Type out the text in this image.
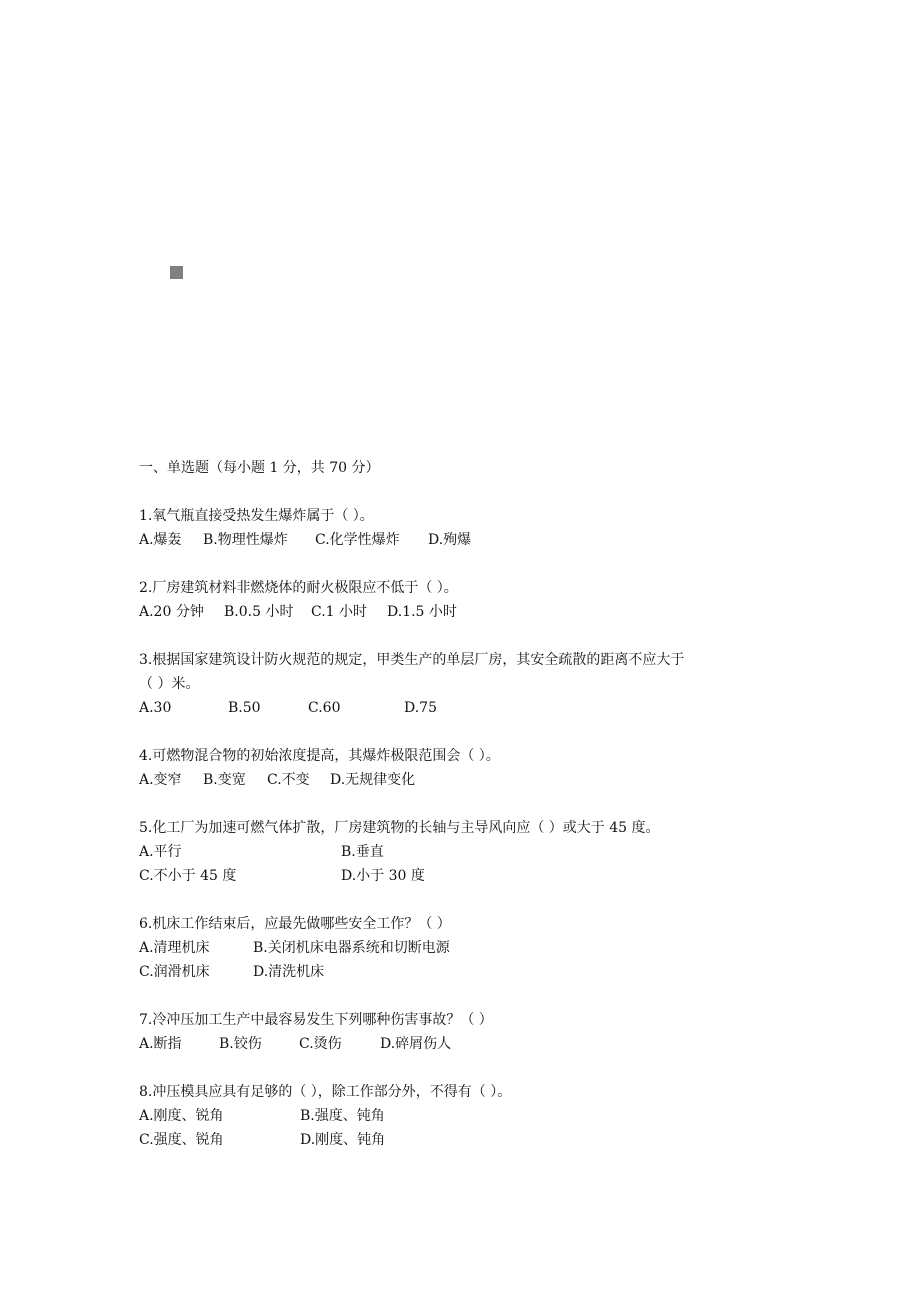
一、单选题（每小题 1 分，共 70 分）
1.氧气瓶直接受热发生爆炸属于（ ）。
A.爆轰 B.物理性爆炸 C.化学性爆炸 D.殉爆
2.厂房建筑材料非燃烧体的耐火极限应不低于（ ）。
A.20 分钟 B.0.5 小时 C.1 小时 D.1.5 小时
3.根据国家建筑设计防火规范的规定，甲类生产的单层厂房，其安全疏散的距离不应大于
（ ）米。
A.30	B.50	C.60	D.75
4.可燃物混合物的初始浓度提高，其爆炸极限范围会（ ）。
A.变窄 B.变宽 C.不变 D.无规律变化
5.化工厂为加速可燃气体扩散，厂房建筑物的长轴与主导风向应（ ）或大于 45 度。
A.平行	B.垂直
C.不小于 45 度	D.小于 30 度
6.机床工作结束后，应最先做哪些安全工作？（ ）
A.清理机床	B.关闭机床电器系统和切断电源
C.润滑机床	D.清洗机床
7.冷冲压加工生产中最容易发生下列哪种伤害事故？（ ）
A.断指	B.铰伤	C.烫伤	D.碎屑伤人
8.冲压模具应具有足够的（ ），除工作部分外，不得有（ ）。
A.刚度、锐角	B.强度、钝角
C.强度、锐角	D.刚度、钝角
